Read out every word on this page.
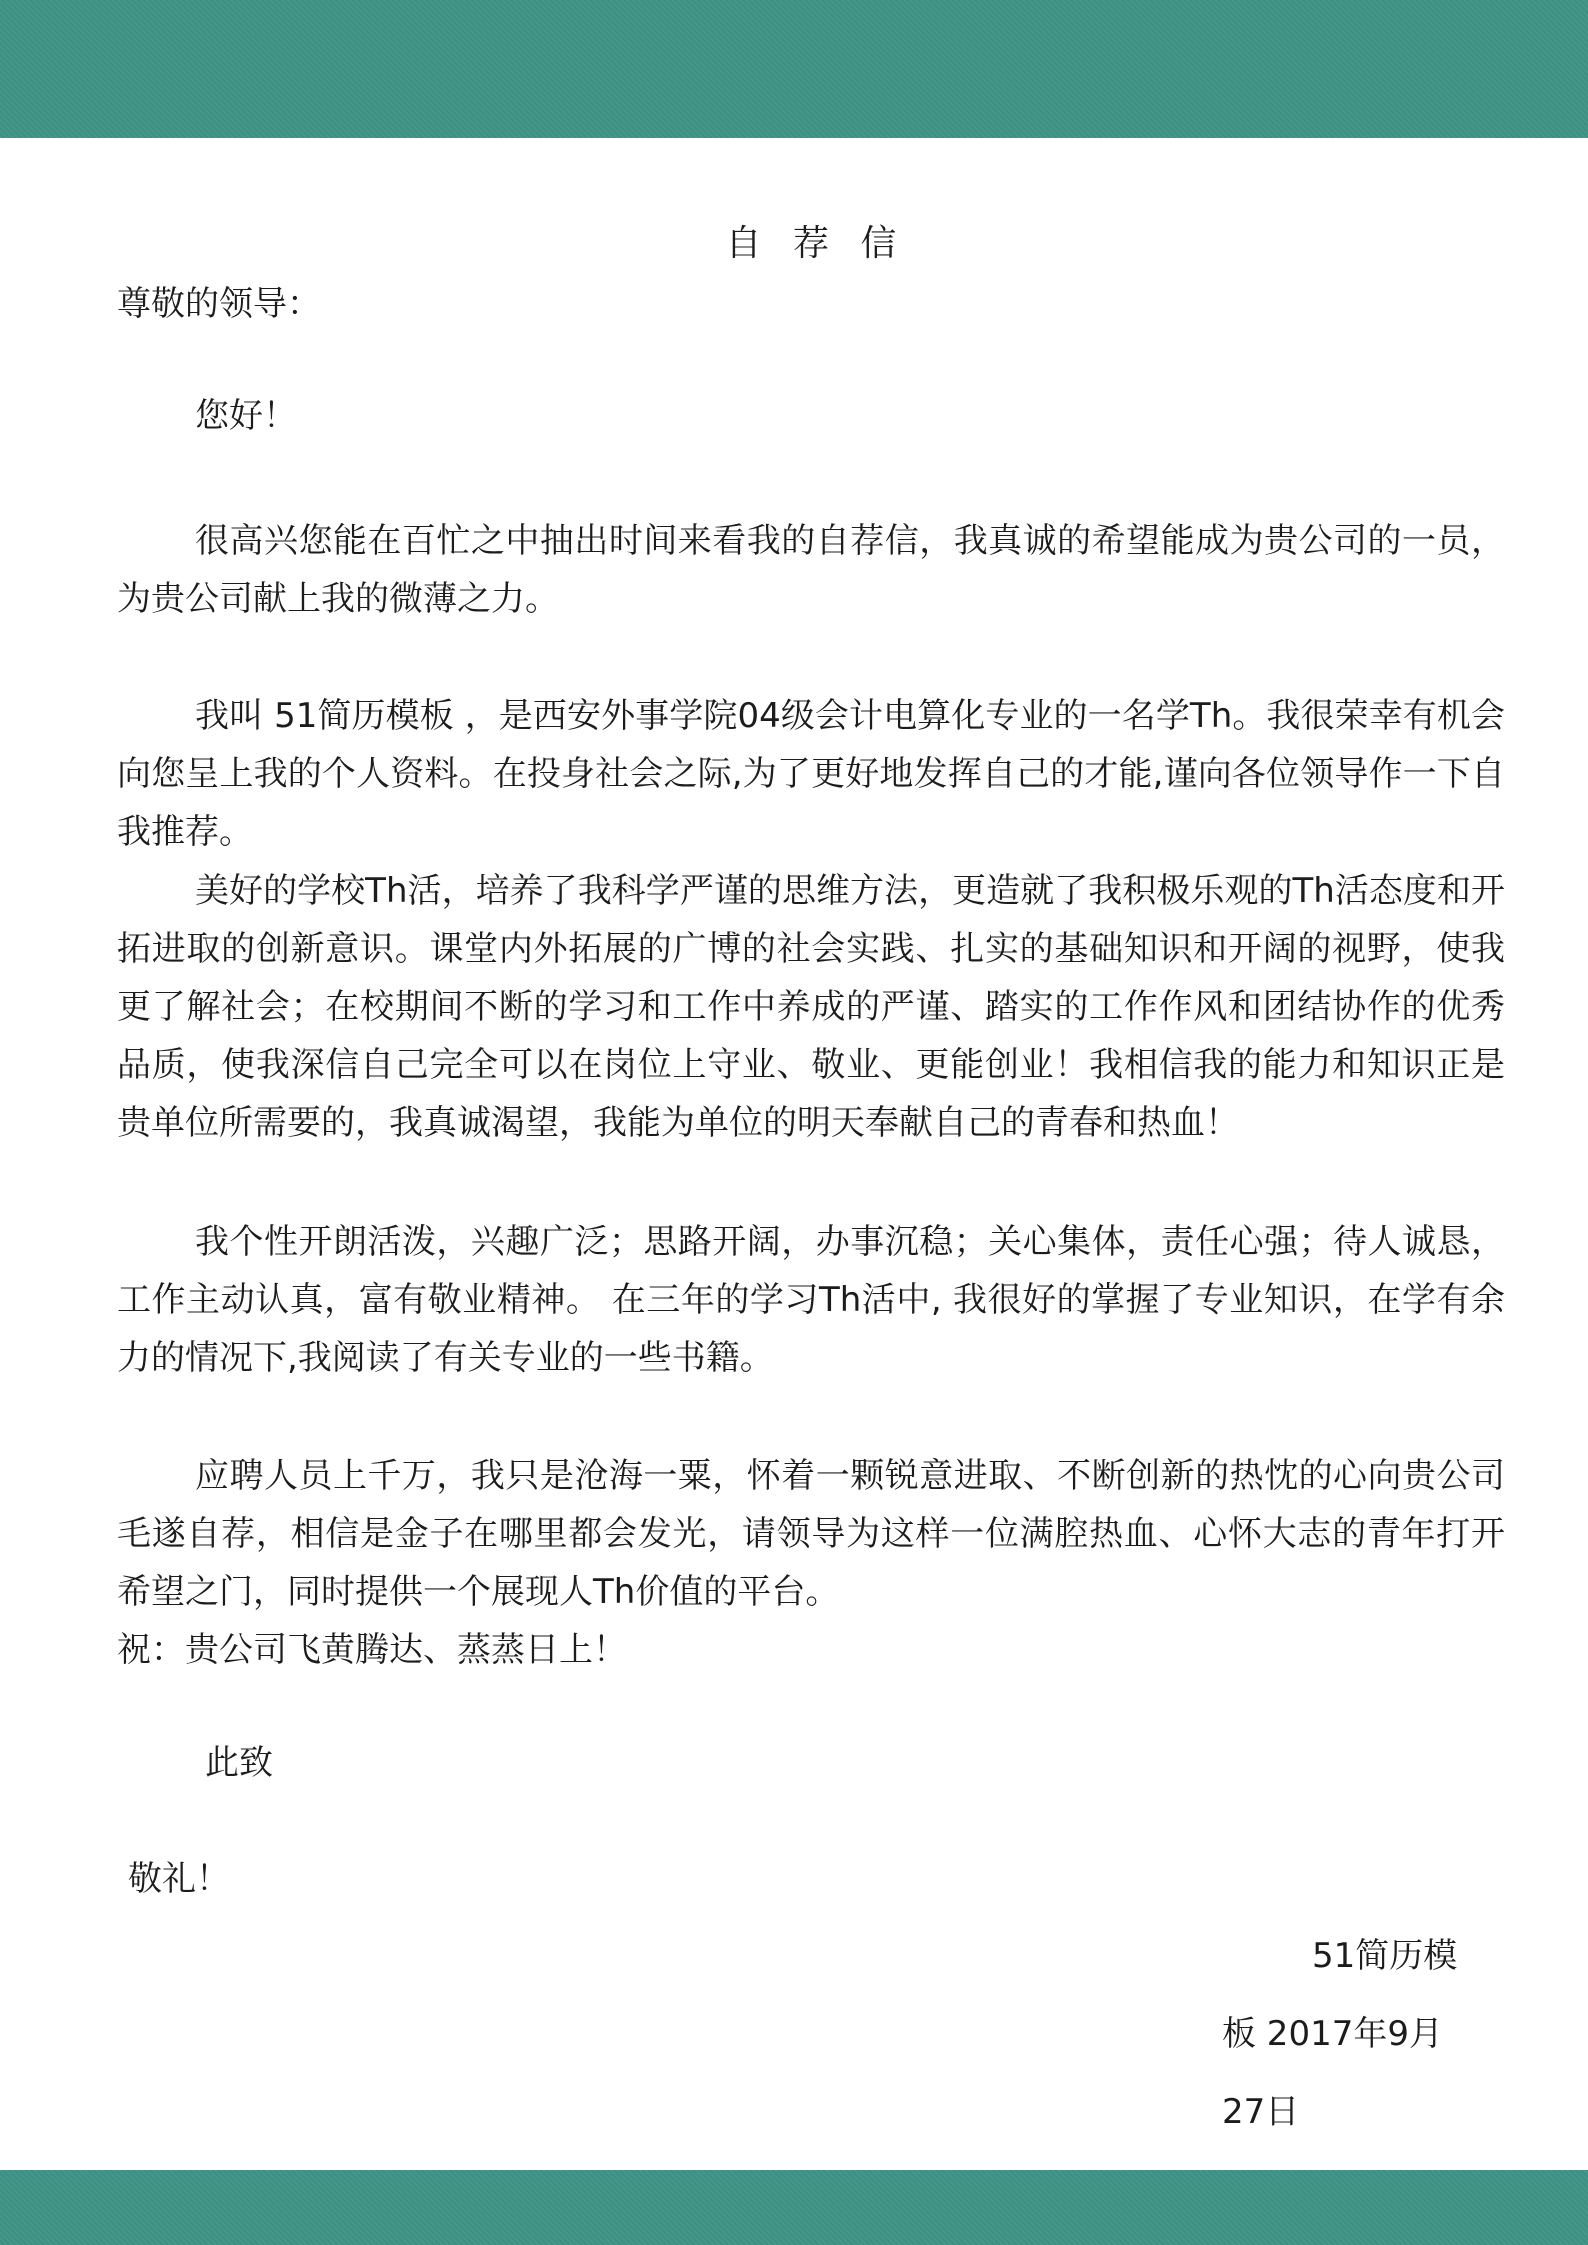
自 荐 信
尊敬的领导：
您好！

很高兴您能在百忙之中抽出时间来看我的自荐信，我真诚的希望能成为贵公司的一员，为贵公司献上我的微薄之力。

我叫 51简历模板 ，是西安外事学院04级会计电算化专业的一名学Th。我很荣幸有机会向您呈上我的个人资料。在投身社会之际,为了更好地发挥自己的才能,谨向各位领导作一下自我推荐。

美好的学校Th活，培养了我科学严谨的思维方法，更造就了我积极乐观的Th活态度和开拓进取的创新意识。课堂内外拓展的广博的社会实践、扎实的基础知识和开阔的视野，使我更了解社会；在校期间不断的学习和工作中养成的严谨、踏实的工作作风和团结协作的优秀品质，使我深信自己完全可以在岗位上守业、敬业、更能创业！我相信我的能力和知识正是贵单位所需要的，我真诚渴望，我能为单位的明天奉献自己的青春和热血！

我个性开朗活泼，兴趣广泛；思路开阔，办事沉稳；关心集体，责任心强；待人诚恳，工作主动认真，富有敬业精神。 在三年的学习Th活中, 我很好的掌握了专业知识，在学有余力的情况下,我阅读了有关专业的一些书籍。

应聘人员上千万，我只是沧海一粟，怀着一颗锐意进取、不断创新的热忱的心向贵公司毛遂自荐，相信是金子在哪里都会发光，请领导为这样一位满腔热血、心怀大志的青年打开希望之门，同时提供一个展现人Th价值的平台。

祝：贵公司飞黄腾达、蒸蒸日上！
此致
敬礼！
51简历模板 2017年9月27日
